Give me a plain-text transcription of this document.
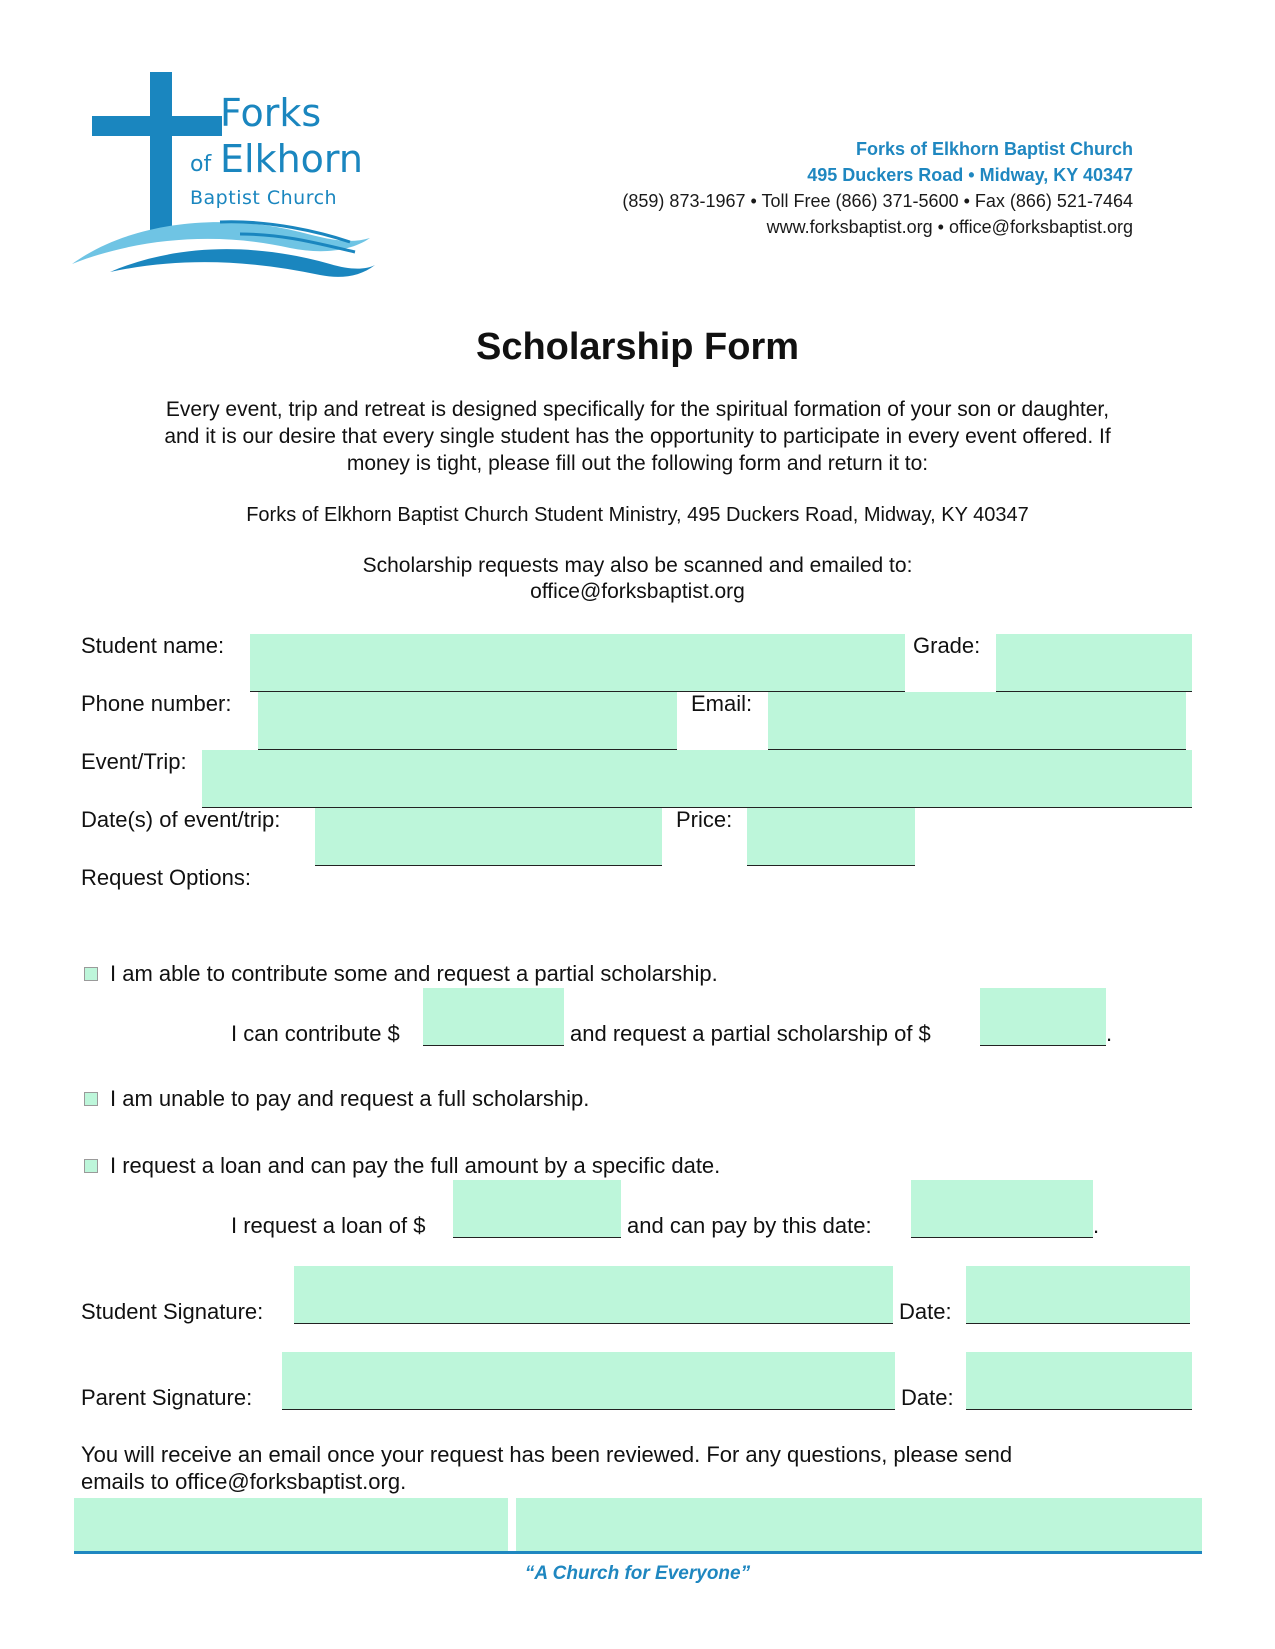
Forks
of Elkhorn
Baptist Church
Forks of Elkhorn Baptist Church
495 Duckers Road • Midway, KY 40347
(859) 873-1967 • Toll Free (866) 371-5600 • Fax (866) 521-7464
www.forksbaptist.org • office@forksbaptist.org
Scholarship Form
Every event, trip and retreat is designed specifically for the spiritual formation of your son or daughter,
and it is our desire that every single student has the opportunity to participate in every event offered. If
money is tight, please fill out the following form and return it to:
Forks of Elkhorn Baptist Church Student Ministry, 495 Duckers Road, Midway, KY 40347
Scholarship requests may also be scanned and emailed to:
office@forksbaptist.org
Student name:	Grade:
Phone number:	Email:
Event/Trip:
Date(s) of event/trip:	Price:
Request Options:
I am able to contribute some and request a partial scholarship.
I can contribute $	and request a partial scholarship of $	.
I am unable to pay and request a full scholarship.
I request a loan and can pay the full amount by a specific date.
I request a loan of $	and can pay by this date:	.
Student Signature:	Date:
Parent Signature:	Date:
You will receive an email once your request has been reviewed. For any questions, please send
emails to office@forksbaptist.org.
“A Church for Everyone”
